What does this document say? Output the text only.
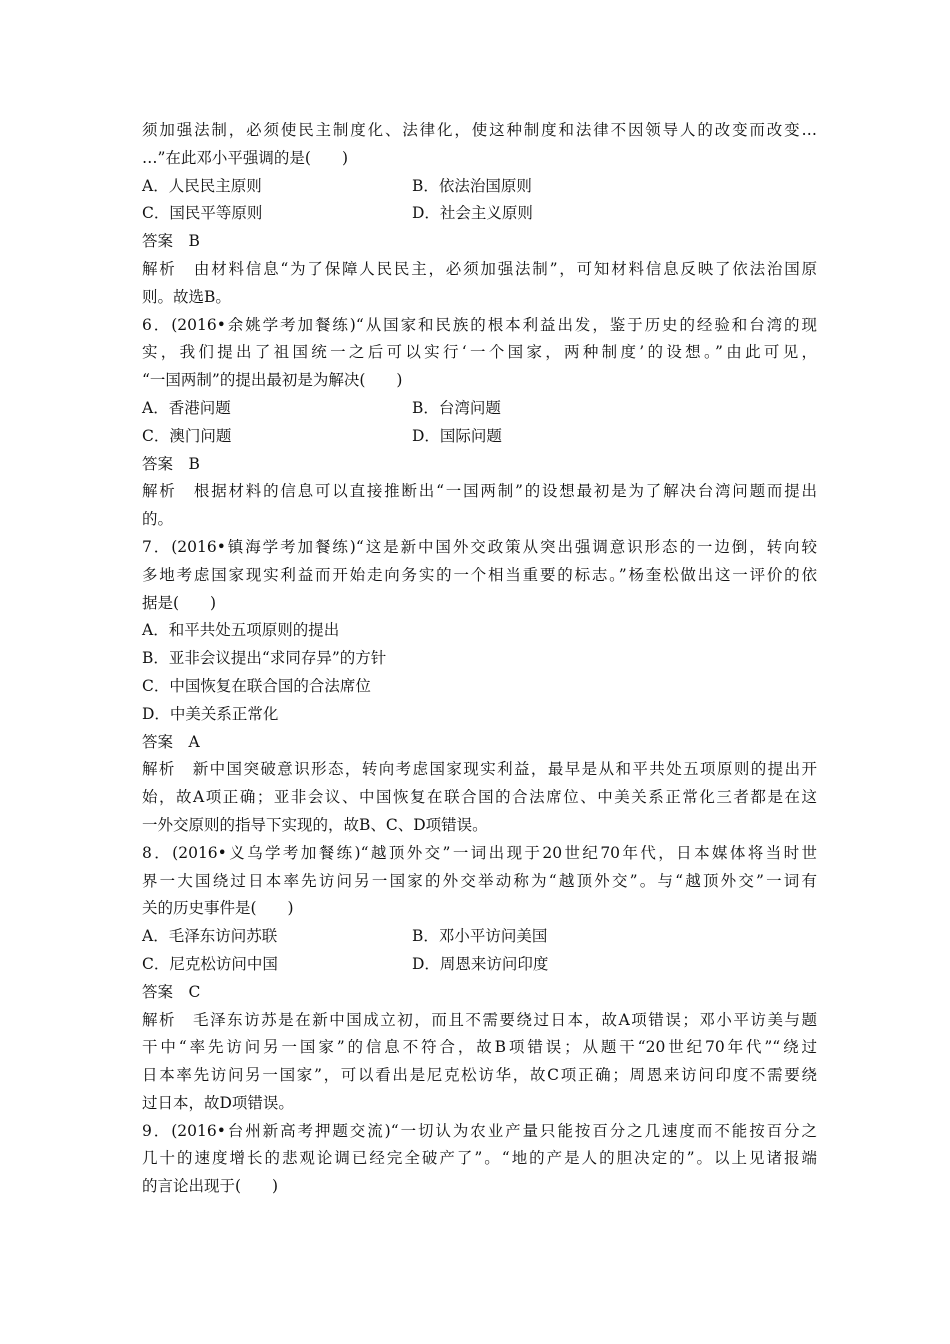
须加强法制，必须使民主制度化、法律化，使这种制度和法律不因领导人的改变而改变…
…”在此邓小平强调的是(　　)
A．人民民主原则	B．依法治国原则
C．国民平等原则	D．社会主义原则
答案　B
解析　由材料信息“为了保障人民民主，必须加强法制”，可知材料信息反映了依法治国原
则。故选B。
6．(2016•余姚学考加餐练)“从国家和民族的根本利益出发，鉴于历史的经验和台湾的现
实，我们提出了祖国统一之后可以实行‘一个国家，两种制度’的设想。”由此可见，
“一国两制”的提出最初是为解决(　　)
A．香港问题	B．台湾问题
C．澳门问题	D．国际问题
答案　B
解析　根据材料的信息可以直接推断出“一国两制”的设想最初是为了解决台湾问题而提出
的。
7．(2016•镇海学考加餐练)“这是新中国外交政策从突出强调意识形态的一边倒，转向较
多地考虑国家现实利益而开始走向务实的一个相当重要的标志。”杨奎松做出这一评价的依
据是(　　)
A．和平共处五项原则的提出
B．亚非会议提出“求同存异”的方针
C．中国恢复在联合国的合法席位
D．中美关系正常化
答案　A
解析　新中国突破意识形态，转向考虑国家现实利益，最早是从和平共处五项原则的提出开
始，故A项正确；亚非会议、中国恢复在联合国的合法席位、中美关系正常化三者都是在这
一外交原则的指导下实现的，故B、C、D项错误。
8．(2016•义乌学考加餐练)“越顶外交”一词出现于20世纪70年代，日本媒体将当时世
界一大国绕过日本率先访问另一国家的外交举动称为“越顶外交”。与“越顶外交”一词有
关的历史事件是(　　)
A．毛泽东访问苏联	B．邓小平访问美国
C．尼克松访问中国	D．周恩来访问印度
答案　C
解析　毛泽东访苏是在新中国成立初，而且不需要绕过日本，故A项错误；邓小平访美与题
干中“率先访问另一国家”的信息不符合，故B项错误；从题干“20世纪70年代”“绕过
日本率先访问另一国家”，可以看出是尼克松访华，故C项正确；周恩来访问印度不需要绕
过日本，故D项错误。
9．(2016•台州新高考押题交流)“一切认为农业产量只能按百分之几速度而不能按百分之
几十的速度增长的悲观论调已经完全破产了”。“地的产是人的胆决定的”。以上见诸报端
的言论出现于(　　)
